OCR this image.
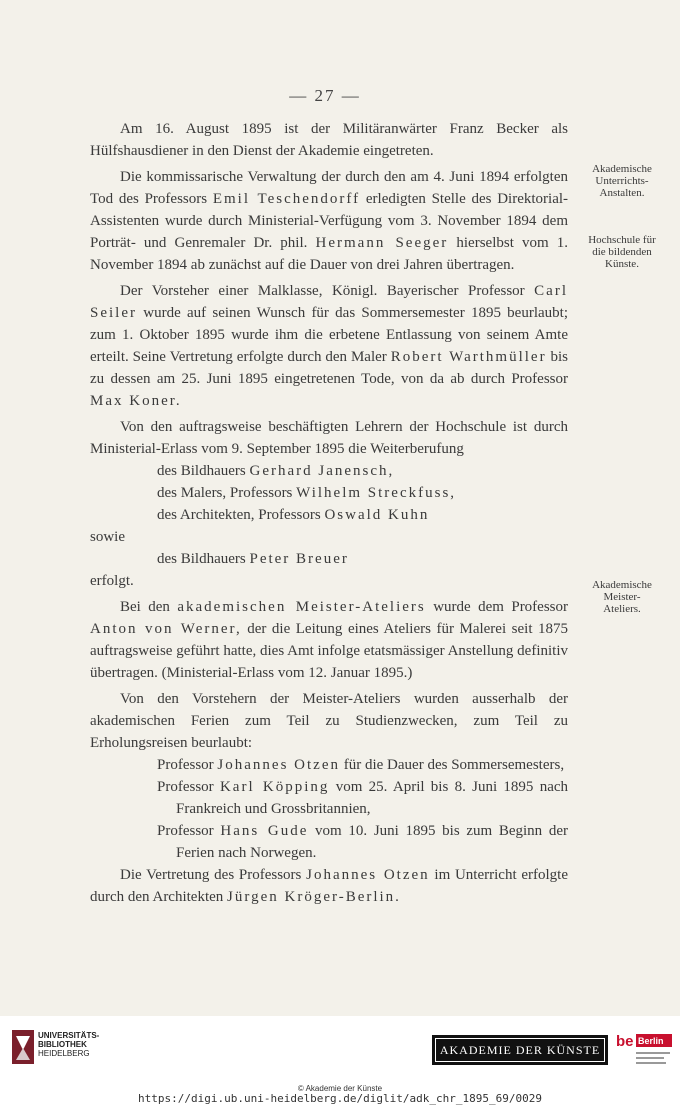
— 27 —

Am 16. August 1895 ist der Militäranwärter Franz Becker als Hülfshausdiener in den Dienst der Akademie eingetreten.

Die kommissarische Verwaltung der durch den am 4. Juni 1894 erfolgten Tod des Professors Emil Teschendorff erledigten Stelle des Direktorial-Assistenten wurde durch Ministerial-Verfügung vom 3. November 1894 dem Porträt- und Genremaler Dr. phil. Hermann Seeger hierselbst vom 1. November 1894 ab zunächst auf die Dauer von drei Jahren übertragen.

Der Vorsteher einer Malklasse, Königl. Bayerischer Professor Carl Seiler wurde auf seinen Wunsch für das Sommersemester 1895 beurlaubt; zum 1. Oktober 1895 wurde ihm die erbetene Entlassung von seinem Amte erteilt. Seine Vertretung erfolgte durch den Maler Robert Warthmüller bis zu dessen am 25. Juni 1895 eingetretenen Tode, von da ab durch Professor Max Koner.

Von den auftragsweise beschäftigten Lehrern der Hochschule ist durch Ministerial-Erlass vom 9. September 1895 die Weiterberufung

des Bildhauers Gerhard Janensch,

des Malers, Professors Wilhelm Streckfuss,

des Architekten, Professors Oswald Kuhn

sowie

des Bildhauers Peter Breuer

erfolgt.

Bei den akademischen Meister-Ateliers wurde dem Professor Anton von Werner, der die Leitung eines Ateliers für Malerei seit 1875 auftragsweise geführt hatte, dies Amt infolge etatsmässiger Anstellung definitiv übertragen. (Ministerial-Erlass vom 12. Januar 1895.)

Von den Vorstehern der Meister-Ateliers wurden ausserhalb der akademischen Ferien zum Teil zu Studienzwecken, zum Teil zu Erholungsreisen beurlaubt:

Professor Johannes Otzen für die Dauer des Sommersemesters,

Professor Karl Köpping vom 25. April bis 8. Juni 1895 nach Frankreich und Grossbritannien,

Professor Hans Gude vom 10. Juni 1895 bis zum Beginn der Ferien nach Norwegen.

Die Vertretung des Professors Johannes Otzen im Unterricht erfolgte durch den Architekten Jürgen Kröger-Berlin.

Akademische
Unterrichts-
Anstalten.
Hochschule für
die bildenden
Künste.
Akademische
Meister-
Ateliers.
UNIVERSITÄTS-
BIBLIOTHEK
HEIDELBERG	AKADEMIE DER KÜNSTE	be Berlin
© Akademie der Künste
https://digi.ub.uni-heidelberg.de/diglit/adk_chr_1895_69/0029
